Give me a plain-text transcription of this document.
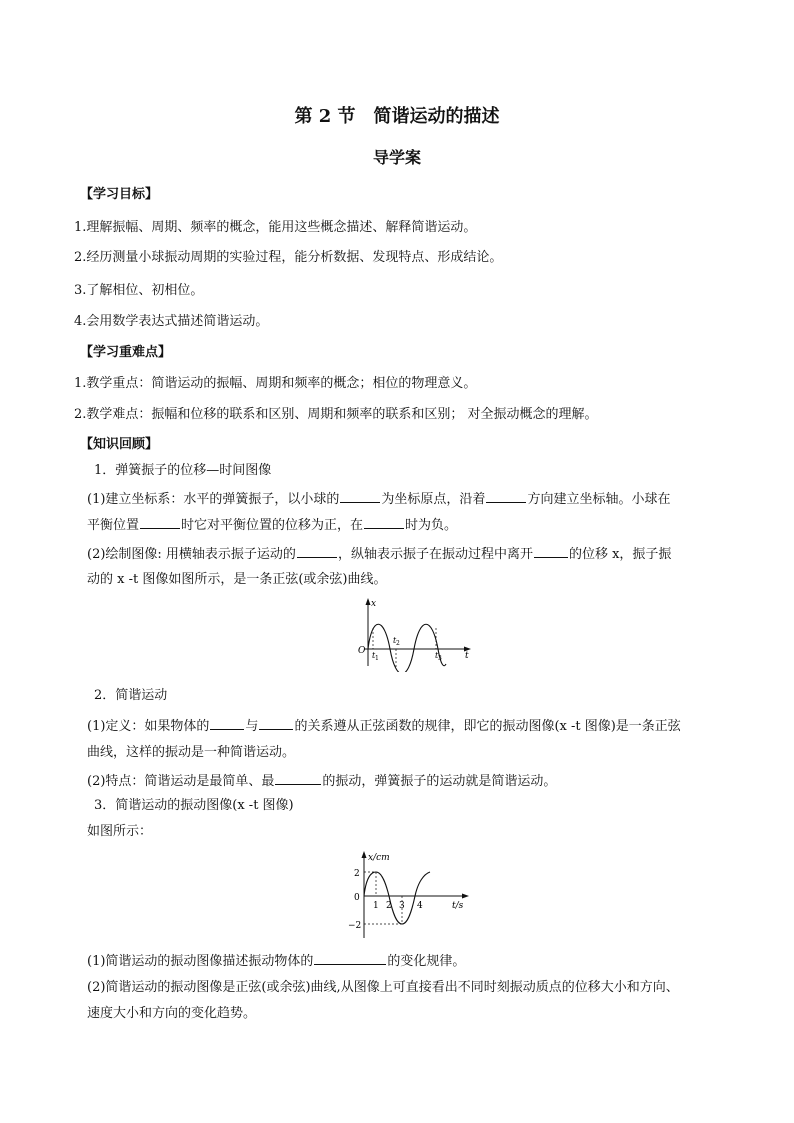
第 2 节　简谐运动的描述
导学案
【学习目标】
1.理解振幅、周期、频率的概念，能用这些概念描述、解释简谐运动。
2.经历测量小球振动周期的实验过程，能分析数据、发现特点、形成结论。
3.了解相位、初相位。
4.会用数学表达式描述简谐运动。
【学习重难点】
1.教学重点：简谐运动的振幅、周期和频率的概念；相位的物理意义。
2.教学难点：振幅和位移的联系和区别、周期和频率的联系和区别； 对全振动概念的理解。
【知识回顾】
1．弹簧振子的位移—时间图像
(1)建立坐标系：水平的弹簧振子，以小球的	为坐标原点，沿着	方向建立坐标轴。小球在
平衡位置	时它对平衡位置的位移为正，在	时为负。
(2)绘制图像: 用横轴表示振子运动的	，纵轴表示振子在振动过程中离开	的位移 x，振子振
动的 x -t 图像如图所示，是一条正弦(或余弦)曲线。
x
O	t
t 1
t 2
t 3
2．简谐运动
(1)定义：如果物体的	与	的关系遵从正弦函数的规律，即它的振动图像(x -t 图像)是一条正弦
曲线，这样的振动是一种简谐运动。
(2)特点：简谐运动是最简单、最	的振动，弹簧振子的运动就是简谐运动。
3．简谐运动的振动图像(x -t 图像)
如图所示：
x/cm
t/s
2
0
−2
1 2 3 4
(1)简谐运动的振动图像描述振动物体的	的变化规律。
(2)简谐运动的振动图像是正弦(或余弦)曲线,从图像上可直接看出不同时刻振动质点的位移大小和方向、
速度大小和方向的变化趋势。
